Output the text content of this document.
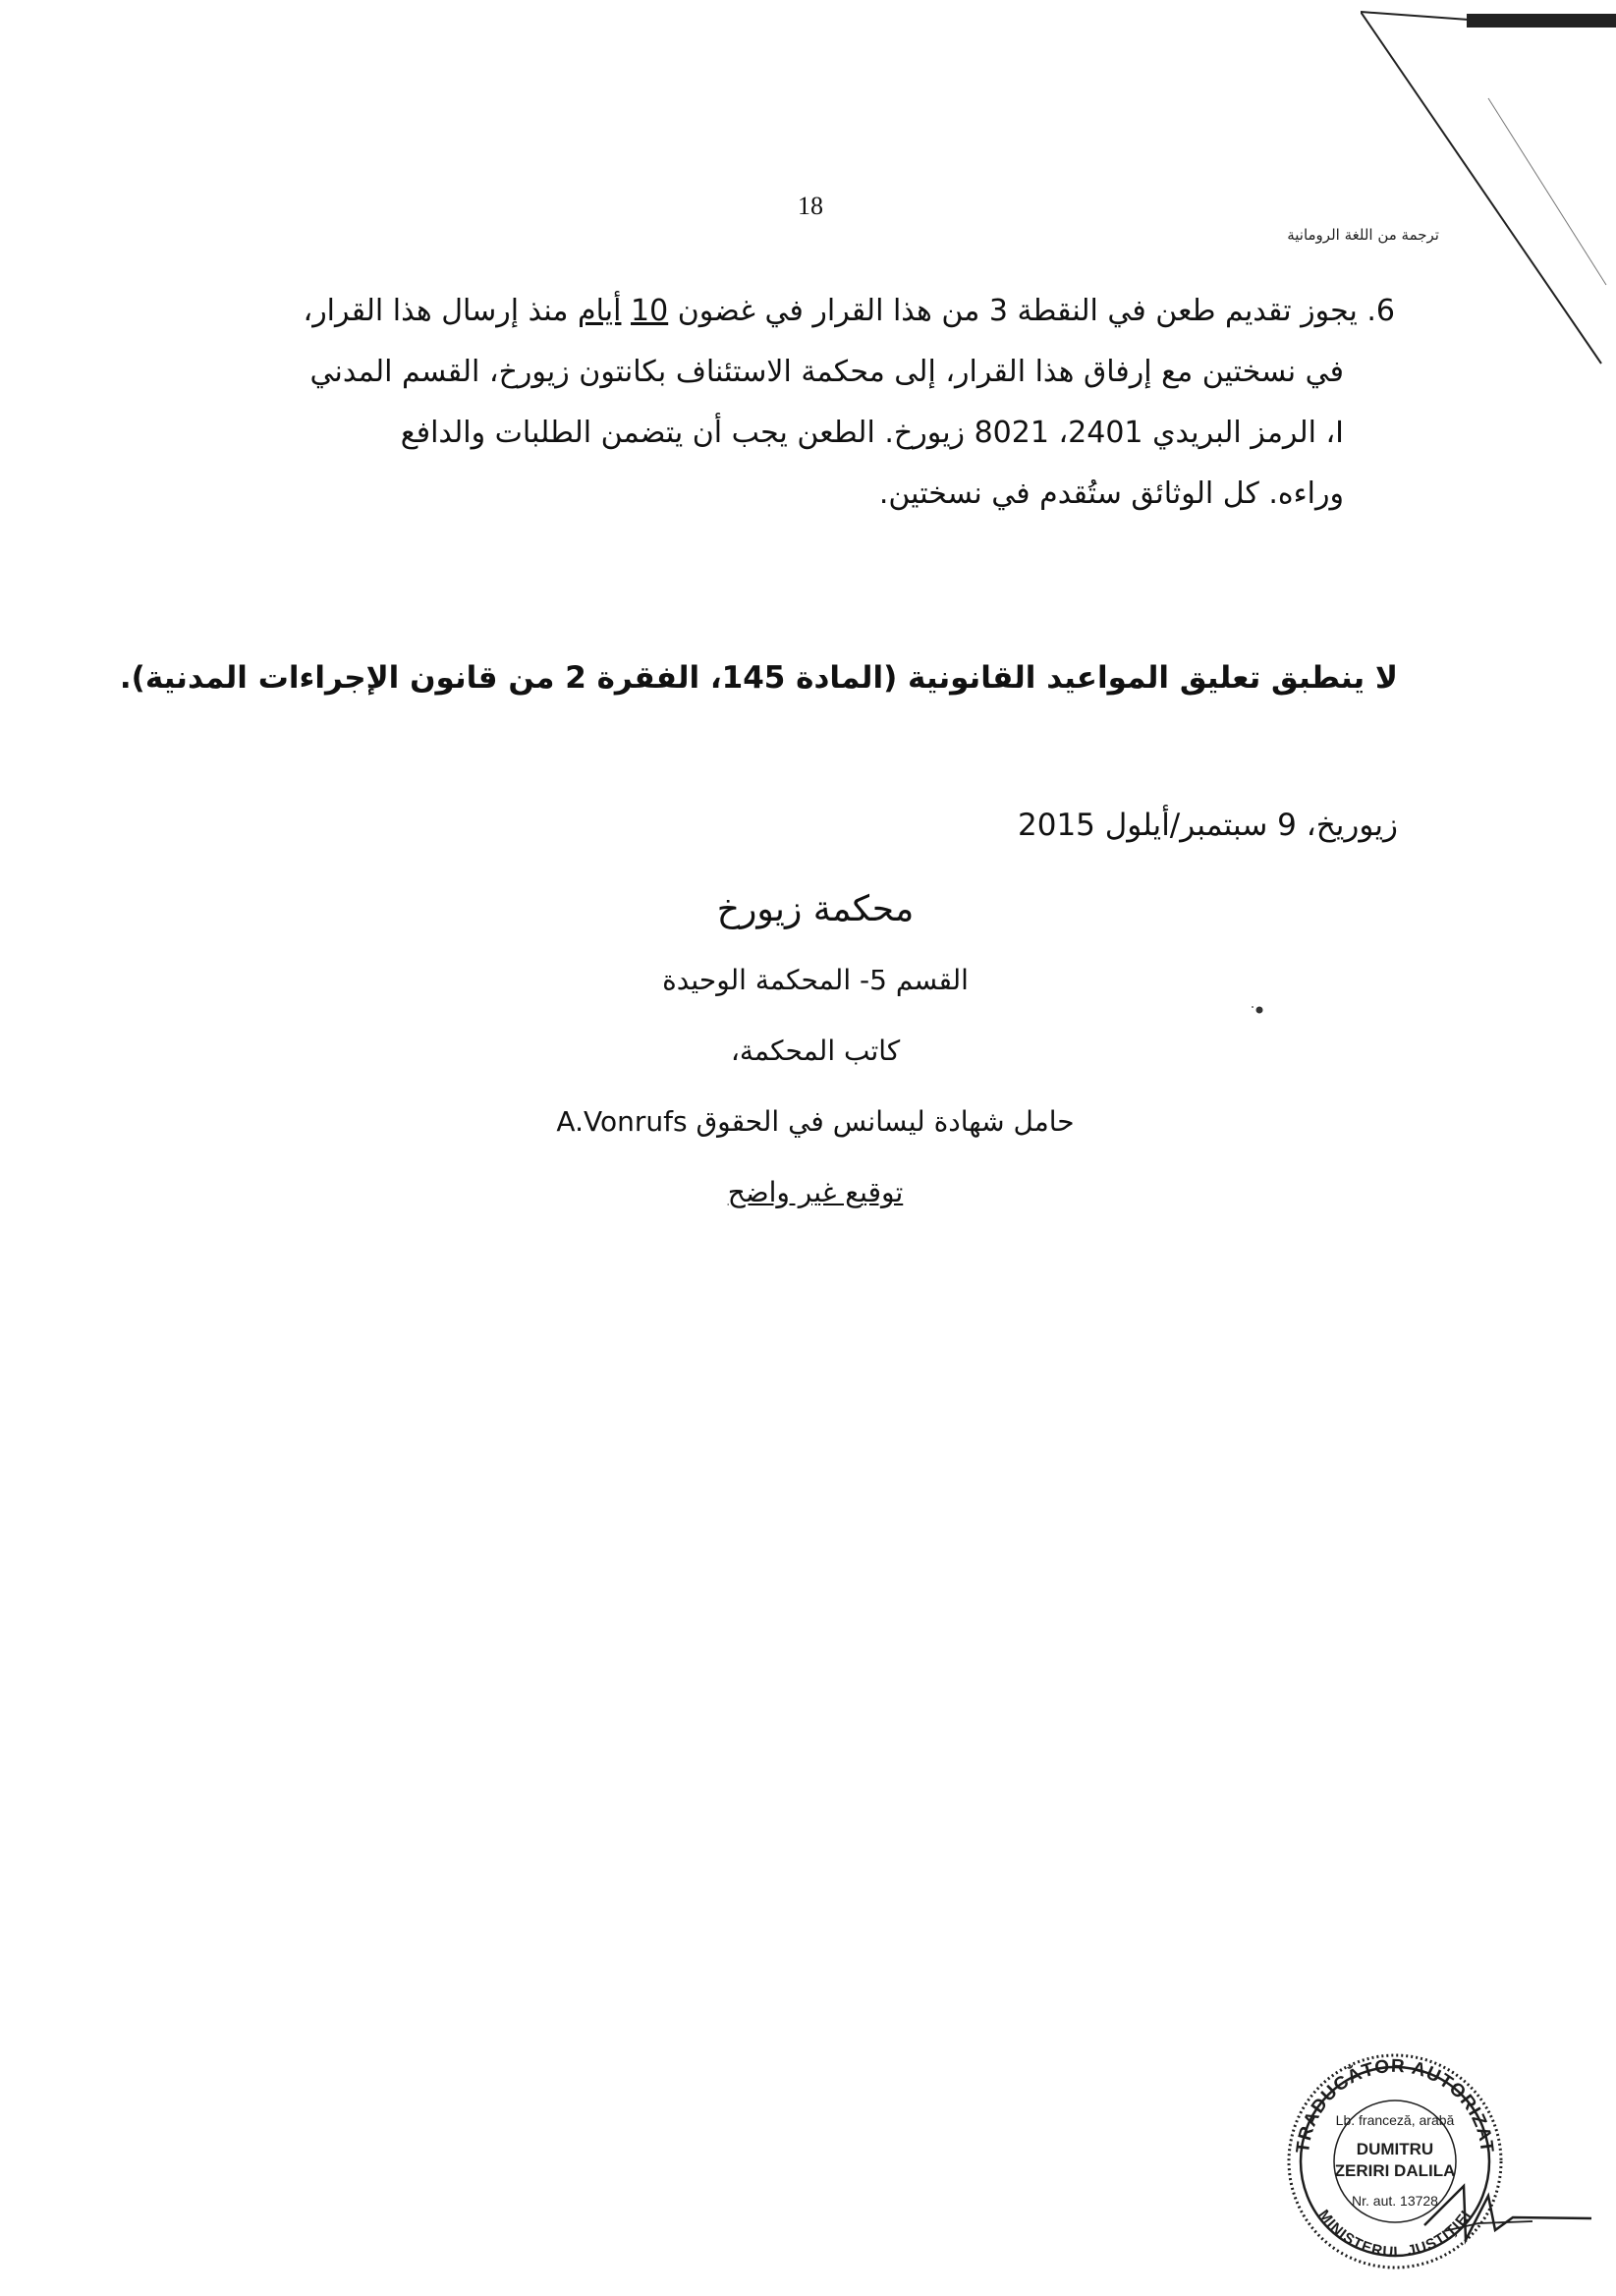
18
ترجمة من اللغة الرومانية
6. يجوز تقديم طعن في النقطة 3 من هذا القرار في غضون 10 أيام منذ إرسال هذا القرار،
في نسختين مع إرفاق هذا القرار، إلى محكمة الاستئناف بكانتون زيورخ، القسم المدني
I، الرمز البريدي 2401، 8021 زيورخ. الطعن يجب أن يتضمن الطلبات والدافع
وراءه. كل الوثائق ستُقدم في نسختين.
لا ينطبق تعليق المواعيد القانونية (المادة 145، الفقرة 2 من قانون الإجراءات المدنية).
زيوريخ، 9 سبتمبر/أيلول 2015
محكمة زيورخ
القسم 5- المحكمة الوحيدة
كاتب المحكمة،
حامل شهادة ليسانس في الحقوق A.Vonrufs
توقيع غير واضح
TRADUCĂTOR AUTORIZAT
MINISTERUL JUSTIŢIEI
Lb. franceză, arabă
DUMITRU
ZERIRI DALILA
Nr. aut. 13728
